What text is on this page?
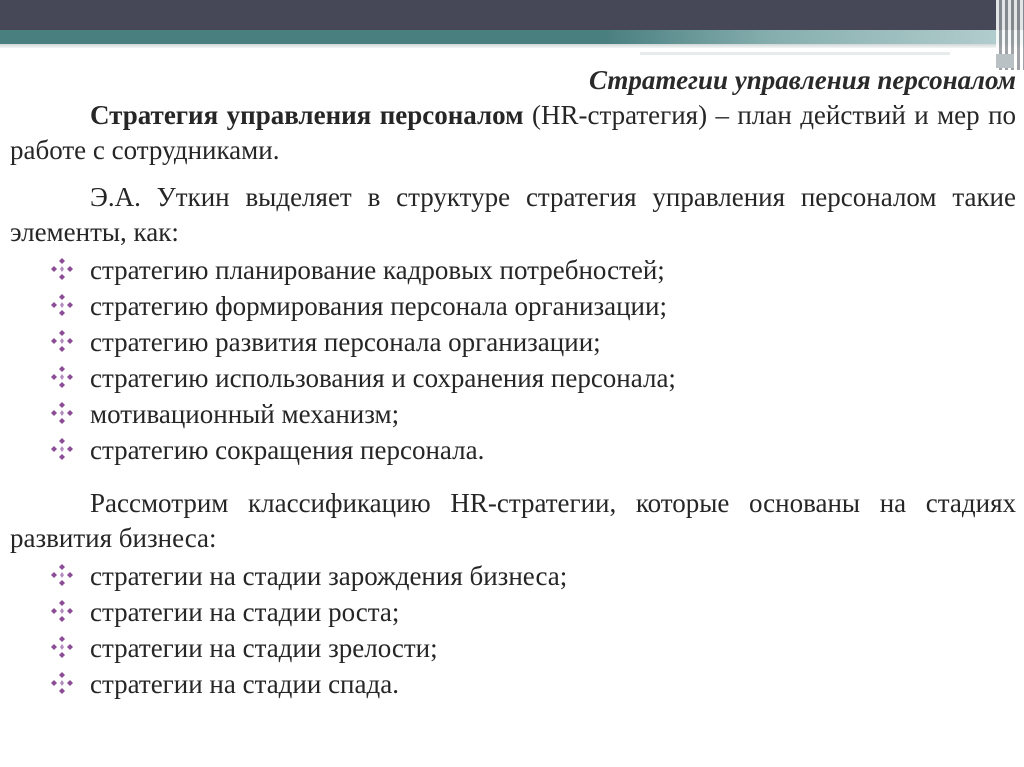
Стратегии управления персоналом

Стратегия управления персоналом (HR-стратегия) – план действий и мер по работе с сотрудниками.

Э.А. Уткин выделяет в структуре стратегия управления персоналом такие элементы, как:

стратегию планирование кадровых потребностей;
стратегию формирования персонала организации;
стратегию развития персонала организации;
стратегию использования и сохранения персонала;
мотивационный механизм;
стратегию сокращения персонала.

Рассмотрим классификацию HR-стратегии, которые основаны на стадиях развития бизнеса:

стратегии на стадии зарождения бизнеса;
стратегии на стадии роста;
стратегии на стадии зрелости;
стратегии на стадии спада.
